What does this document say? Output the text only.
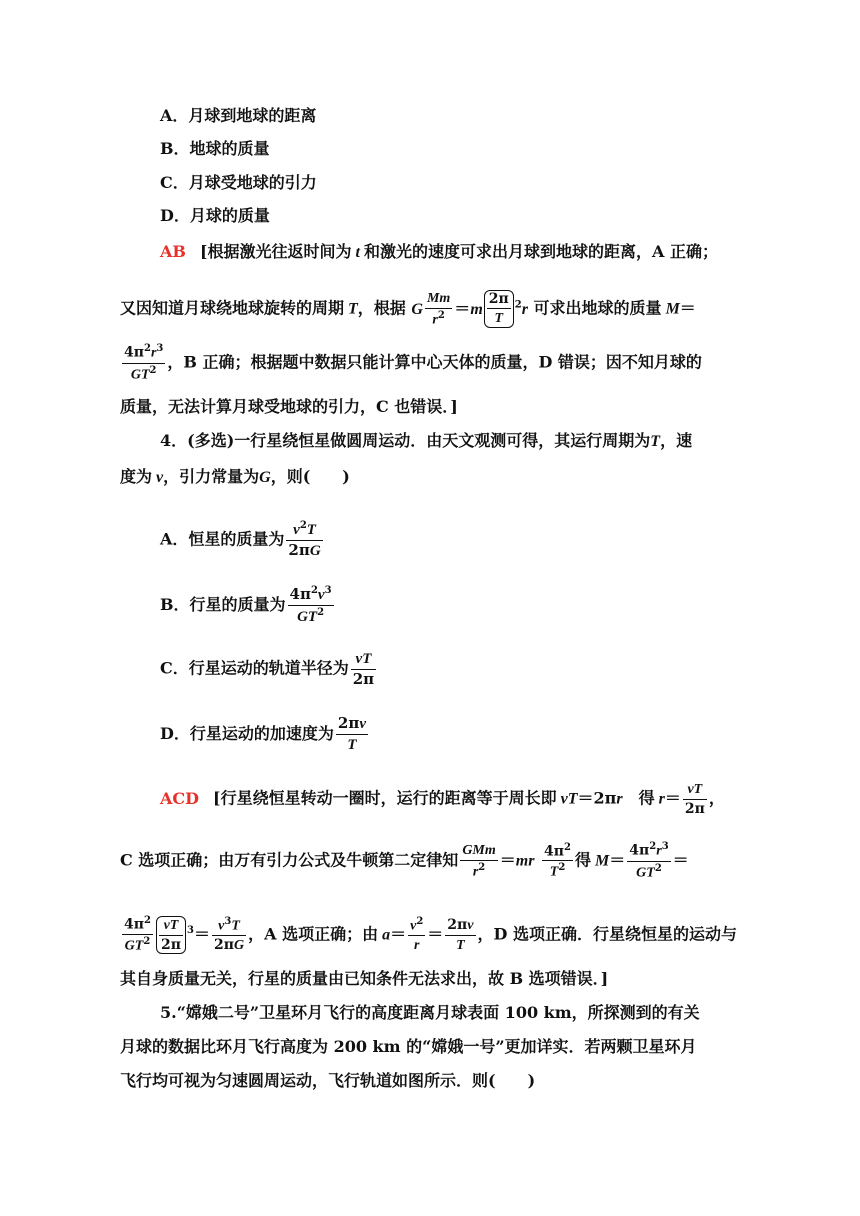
A．月球到地球的距离
B．地球的质量
C．月球受地球的引力
D．月球的质量
AB [根据激光往返时间为 t 和激光的速度可求出月球到地球的距离，A 正确；
又因知道月球绕地球旋转的周期 T，根据 G $\frac{Mm}{r^2} =m \frac{2\pi}{T} ^2r$ 可求出地球的质量 M＝
$\frac{4\pi^2r^3}{GT^2}$ ，B 正确；根据题中数据只能计算中心天体的质量，D 错误；因不知月球的
质量，无法计算月球受地球的引力，C 也错误．]
4．(多选)一行星绕恒星做圆周运动．由天文观测可得，其运行周期为T，速
度为 v，引力常量为G，则(　　)
A．恒星的质量为 $\frac{v^2T}{2\pi G}$
B．行星的质量为 $\frac{4\pi^2v^3}{GT^2}$
C．行星运动的轨道半径为 $\frac{vT}{2\pi}$
D．行星运动的加速度为 $\frac{2\pi v}{T}$
ACD [行星绕恒星转动一圈时，运行的距离等于周长即 vT＝2πr　 得 $r= \frac{vT}{2\pi}$ ，
C 选项正确；由万有引力公式及牛顿第二定律知 $\frac{\text{GMm}}{r^2} =mr \frac{4\pi^2}{T^2}$ 得 $M= \frac{4\pi^2r^3}{GT^2}$ ＝
$\frac{4\pi^2}{GT^2} \frac{vT}{2\pi} ^3= \frac{v^3T}{2\pi G}$ ，A 选项正确；由 $a= \frac{v^2}{r} = \frac{2\pi v}{T}$ ，D 选项正确．行星绕恒星的运动与
其自身质量无关，行星的质量由已知条件无法求出，故 B 选项错误．]
5.“嫦娥二号”卫星环月飞行的高度距离月球表面 100 km，所探测到的有关
月球的数据比环月飞行高度为 200 km 的“嫦娥一号”更加详实．若两颗卫星环月
飞行均可视为匀速圆周运动，飞行轨道如图所示．则(　　)
